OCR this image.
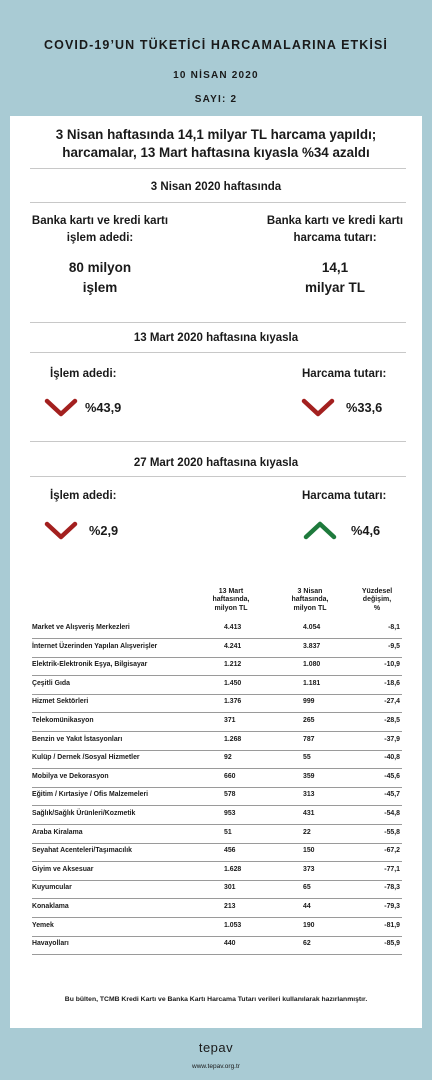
COVID-19’UN TÜKETİCİ HARCAMALARINA ETKİSİ
10 NİSAN 2020
SAYI: 2
3 Nisan haftasında 14,1 milyar TL harcama yapıldı;
harcamalar, 13 Mart haftasına kıyasla %34 azaldı
3 Nisan 2020 haftasında
Banka kartı ve kredi kartı
işlem adedi:
80 milyon
işlem
Banka kartı ve kredi kartı
harcama tutarı:
14,1
milyar TL
13 Mart 2020 haftasına kıyasla
İşlem adedi:
%43,9
Harcama tutarı:
%33,6
27 Mart 2020 haftasına kıyasla
İşlem adedi:
%2,9
Harcama tutarı:
%4,6
13 Mart
haftasında,
milyon TL
3 Nisan
haftasında,
milyon TL
Yüzdesel
değişim,
%
Market ve Alışveriş Merkezleri	4.413	4.054	-8,1
İnternet Üzerinden Yapılan Alışverişler	4.241	3.837	-9,5
Elektrik-Elektronik Eşya, Bilgisayar	1.212	1.080	-10,9
Çeşitli Gıda	1.450	1.181	-18,6
Hizmet Sektörleri	1.376	999	-27,4
Telekomünikasyon	371	265	-28,5
Benzin ve Yakıt İstasyonları	1.268	787	-37,9
Kulüp / Dernek /Sosyal Hizmetler	92	55	-40,8
Mobilya ve Dekorasyon	660	359	-45,6
Eğitim / Kırtasiye / Ofis Malzemeleri	578	313	-45,7
Sağlık/Sağlık Ürünleri/Kozmetik	953	431	-54,8
Araba Kiralama	51	22	-55,8
Seyahat Acenteleri/Taşımacılık	456	150	-67,2
Giyim ve Aksesuar	1.628	373	-77,1
Kuyumcular	301	65	-78,3
Konaklama	213	44	-79,3
Yemek	1.053	190	-81,9
Havayolları	440	62	-85,9
Bu bülten, TCMB Kredi Kartı ve Banka Kartı Harcama Tutarı verileri kullanılarak hazırlanmıştır.
tepav
www.tepav.org.tr
